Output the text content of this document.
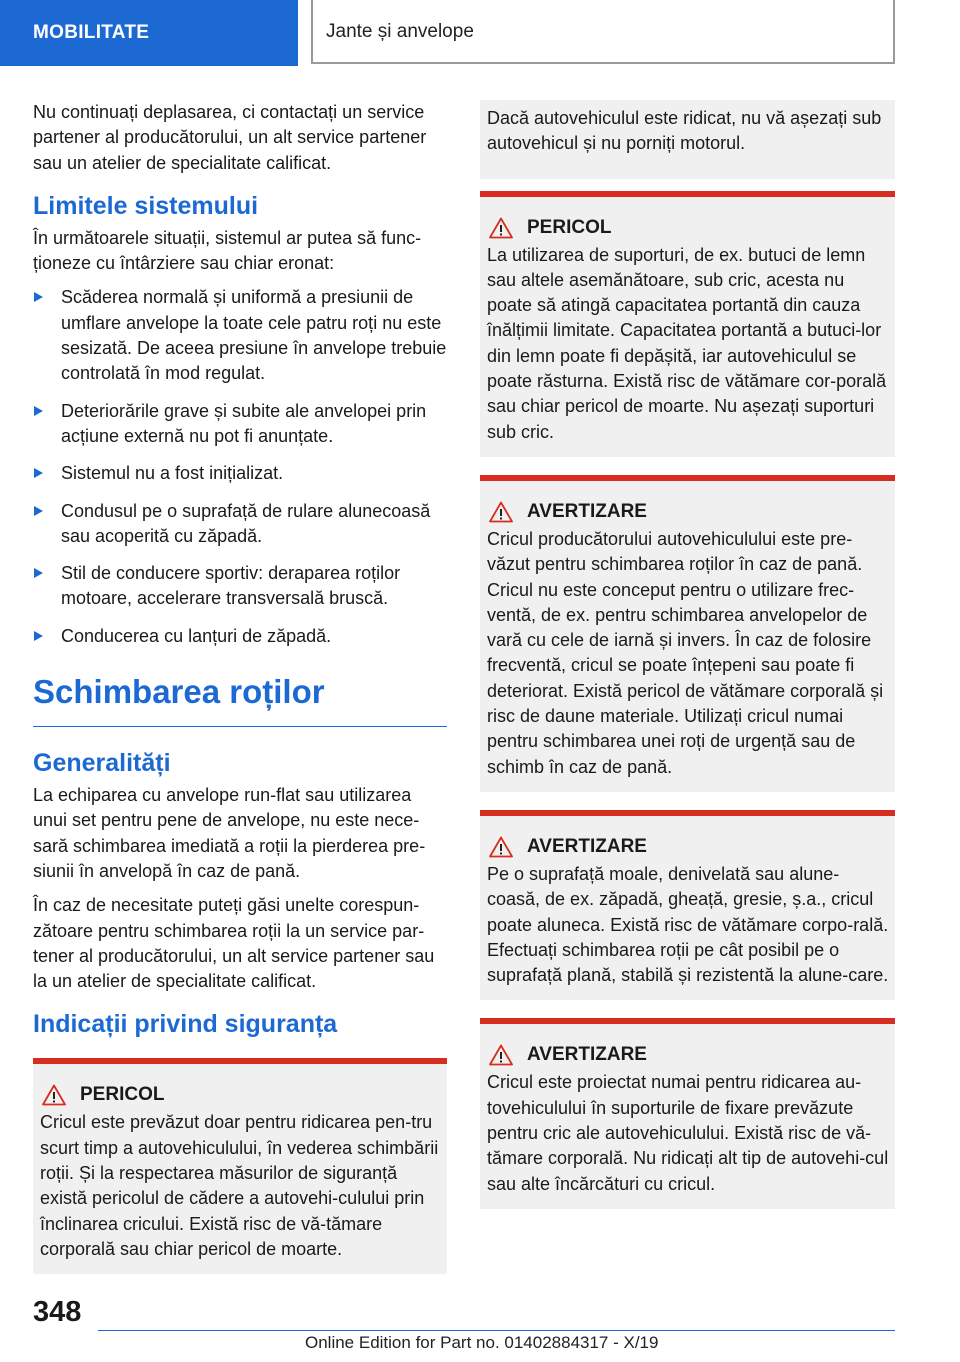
MOBILITATE	Jante și anvelope

Nu continuați deplasarea, ci contactați un service partener al producătorului, un alt service partener sau un atelier de specialitate calificat.

Limitele sistemului

În următoarele situații, sistemul ar putea să func-ționeze cu întârziere sau chiar eronat:

Scăderea normală și uniformă a presiunii de umflare anvelope la toate cele patru roți nu este sesizată. De aceea presiune în anvelope trebuie controlată în mod regulat.
Deteriorările grave și subite ale anvelopei prin acțiune externă nu pot fi anunțate.
Sistemul nu a fost inițializat.
Condusul pe o suprafață de rulare alunecoasă sau acoperită cu zăpadă.
Stil de conducere sportiv: deraparea roților motoare, accelerare transversală bruscă.
Conducerea cu lanțuri de zăpadă.
Schimbarea roților
Generalități

La echiparea cu anvelope run-flat sau utilizarea unui set pentru pene de anvelope, nu este nece-sară schimbarea imediată a roții la pierderea pre-siunii în anvelopă în caz de pană.

În caz de necesitate puteți găsi unelte corespun-zătoare pentru schimbarea roții la un service par-tener al producătorului, un alt service partener sau la un atelier de specialitate calificat.

Indicații privind siguranța
PERICOL

Cricul este prevăzut doar pentru ridicarea pen-tru scurt timp a autovehiculului, în vederea schimbării roții. Și la respectarea măsurilor de siguranță există pericolul de cădere a autovehi-culului prin înclinarea cricului. Există risc de vă-tămare corporală sau chiar pericol de moarte.

Dacă autovehiculul este ridicat, nu vă așezați sub autovehicul și nu porniți motorul.

PERICOL

La utilizarea de suporturi, de ex. butuci de lemn sau altele asemănătoare, sub cric, acesta nu poate să atingă capacitatea portantă din cauza înălțimii limitate. Capacitatea portantă a butuci-lor din lemn poate fi depășită, iar autovehiculul se poate răsturna. Există risc de vătămare cor-porală sau chiar pericol de moarte. Nu așezați suporturi sub cric.

AVERTIZARE

Cricul producătorului autovehiculului este pre-văzut pentru schimbarea roților în caz de pană. Cricul nu este conceput pentru o utilizare frec-ventă, de ex. pentru schimbarea anvelopelor de vară cu cele de iarnă și invers. În caz de folosire frecventă, cricul se poate înțepeni sau poate fi deteriorat. Există pericol de vătămare corporală și risc de daune materiale. Utilizați cricul numai pentru schimbarea unei roți de urgență sau de schimb în caz de pană.

AVERTIZARE

Pe o suprafață moale, denivelată sau alune-coasă, de ex. zăpadă, gheață, gresie, ș.a., cricul poate aluneca. Există risc de vătămare corpo-rală. Efectuați schimbarea roții pe cât posibil pe o suprafață plană, stabilă și rezistentă la alune-care.

AVERTIZARE

Cricul este proiectat numai pentru ridicarea au-tovehiculului în suporturile de fixare prevăzute pentru cric ale autovehiculului. Există risc de vă-tămare corporală. Nu ridicați alt tip de autovehi-cul sau alte încărcături cu cricul.

348
Online Edition for Part no. 01402884317 - X/19
